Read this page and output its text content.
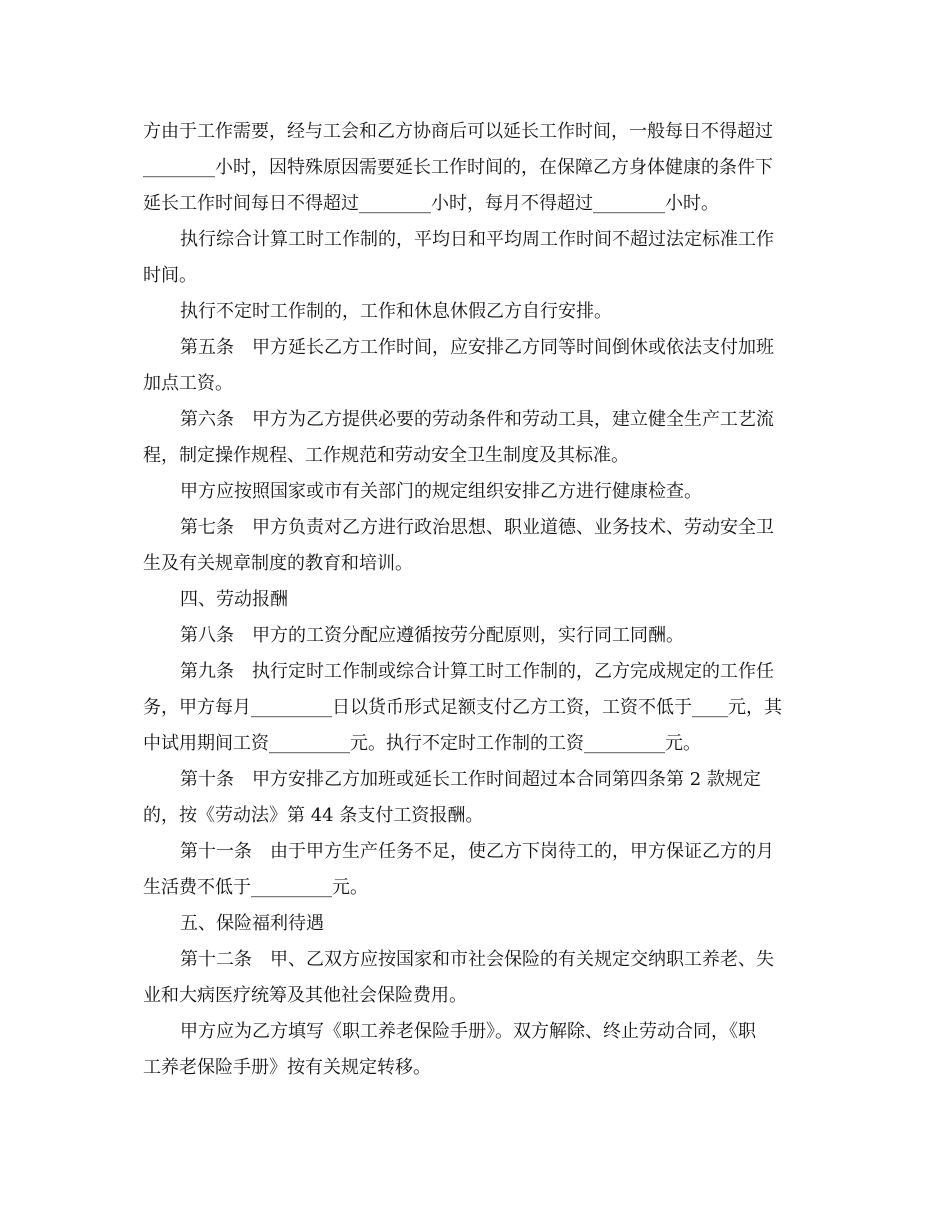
方由于工作需要，经与工会和乙方协商后可以延长工作时间，一般每日不得超过
________小时，因特殊原因需要延长工作时间的，在保障乙方身体健康的条件下
延长工作时间每日不得超过________小时，每月不得超过________小时。
执行综合计算工时工作制的，平均日和平均周工作时间不超过法定标准工作
时间。
执行不定时工作制的，工作和休息休假乙方自行安排。
第五条　甲方延长乙方工作时间，应安排乙方同等时间倒休或依法支付加班
加点工资。
第六条　甲方为乙方提供必要的劳动条件和劳动工具，建立健全生产工艺流
程，制定操作规程、工作规范和劳动安全卫生制度及其标准。
甲方应按照国家或市有关部门的规定组织安排乙方进行健康检查。
第七条　甲方负责对乙方进行政治思想、职业道德、业务技术、劳动安全卫
生及有关规章制度的教育和培训。
四、劳动报酬
第八条　甲方的工资分配应遵循按劳分配原则，实行同工同酬。
第九条　执行定时工作制或综合计算工时工作制的，乙方完成规定的工作任
务，甲方每月_________日以货币形式足额支付乙方工资，工资不低于____元，其
中试用期间工资_________元。执行不定时工作制的工资_________元。
第十条　甲方安排乙方加班或延长工作时间超过本合同第四条第 2 款规定
的，按《劳动法》第 44 条支付工资报酬。
第十一条　由于甲方生产任务不足，使乙方下岗待工的，甲方保证乙方的月
生活费不低于_________元。
五、保险福利待遇
第十二条　甲、乙双方应按国家和市社会保险的有关规定交纳职工养老、失
业和大病医疗统筹及其他社会保险费用。
甲方应为乙方填写《职工养老保险手册》。双方解除、终止劳动合同，《职
工养老保险手册》按有关规定转移。
